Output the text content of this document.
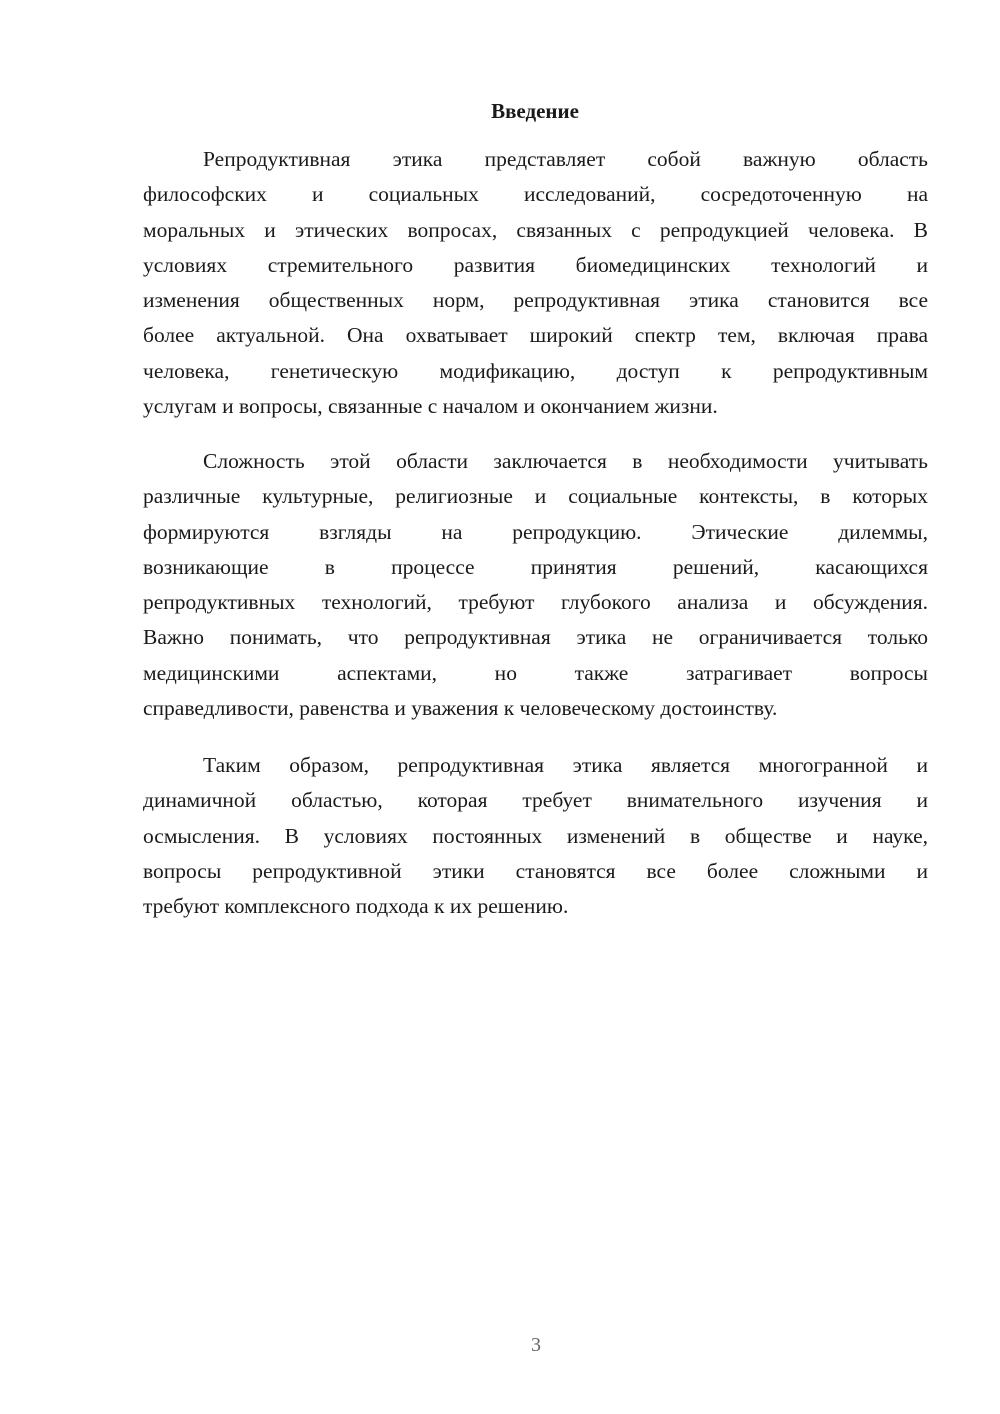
Введение
Репродуктивная этика представляет собой важную область
философских и социальных исследований, сосредоточенную на
моральных и этических вопросах, связанных с репродукцией человека. В
условиях стремительного развития биомедицинских технологий и
изменения общественных норм, репродуктивная этика становится все
более актуальной. Она охватывает широкий спектр тем, включая права
человека, генетическую модификацию, доступ к репродуктивным
услугам и вопросы, связанные с началом и окончанием жизни.
Сложность этой области заключается в необходимости учитывать
различные культурные, религиозные и социальные контексты, в которых
формируются взгляды на репродукцию. Этические дилеммы,
возникающие в процессе принятия решений, касающихся
репродуктивных технологий, требуют глубокого анализа и обсуждения.
Важно понимать, что репродуктивная этика не ограничивается только
медицинскими аспектами, но также затрагивает вопросы
справедливости, равенства и уважения к человеческому достоинству.
Таким образом, репродуктивная этика является многогранной и
динамичной областью, которая требует внимательного изучения и
осмысления. В условиях постоянных изменений в обществе и науке,
вопросы репродуктивной этики становятся все более сложными и
требуют комплексного подхода к их решению.
3
